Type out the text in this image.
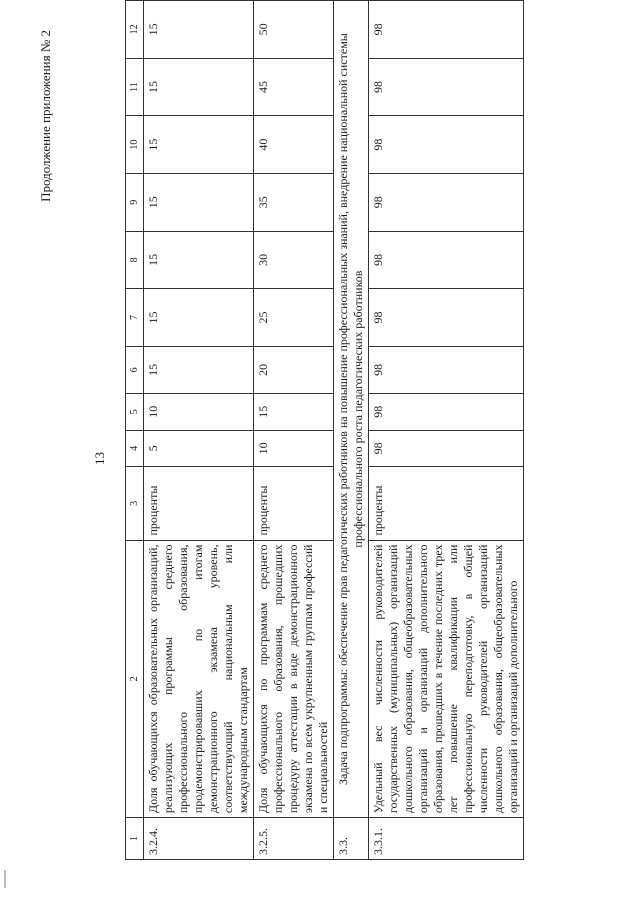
Продолжение приложения № 2
13
1	2	3	4	5	6	7	8	9	10	11	12
3.2.4.	Доля обучающихся образовательных организаций, реализующих программы среднего профессионального образования, продемонстрировавших по итогам демонстрационного экзамена уровень, соответствующий национальным или международным стандартам	проценты	5	10	15	15	15	15	15	15	15
3.2.5.	Доля обучающихся по программам среднего профессионального образования, прошедших процедуру аттестации в виде демонстрационного экзамена по всем укрупненным группам профессий и специальностей	проценты	10	15	20	25	30	35	40	45	50
3.3.	Задача подпрограммы: обеспечение прав педагогических работников на повышение профессиональных знаний, внедрение национальной системы профессионального роста педагогических работников										
3.3.1.	Удельный вес численности руководителей государственных (муниципальных) организаций дошкольного образования, общеобразовательных организаций и организаций дополнительного образования, прошедших в течение последних трех лет повышение квалификации или профессиональную переподготовку, в общей численности руководителей организаций дошкольного образования, общеобразовательных организаций и организаций дополнительного	проценты	98	98	98	98	98	98	98	98	98
